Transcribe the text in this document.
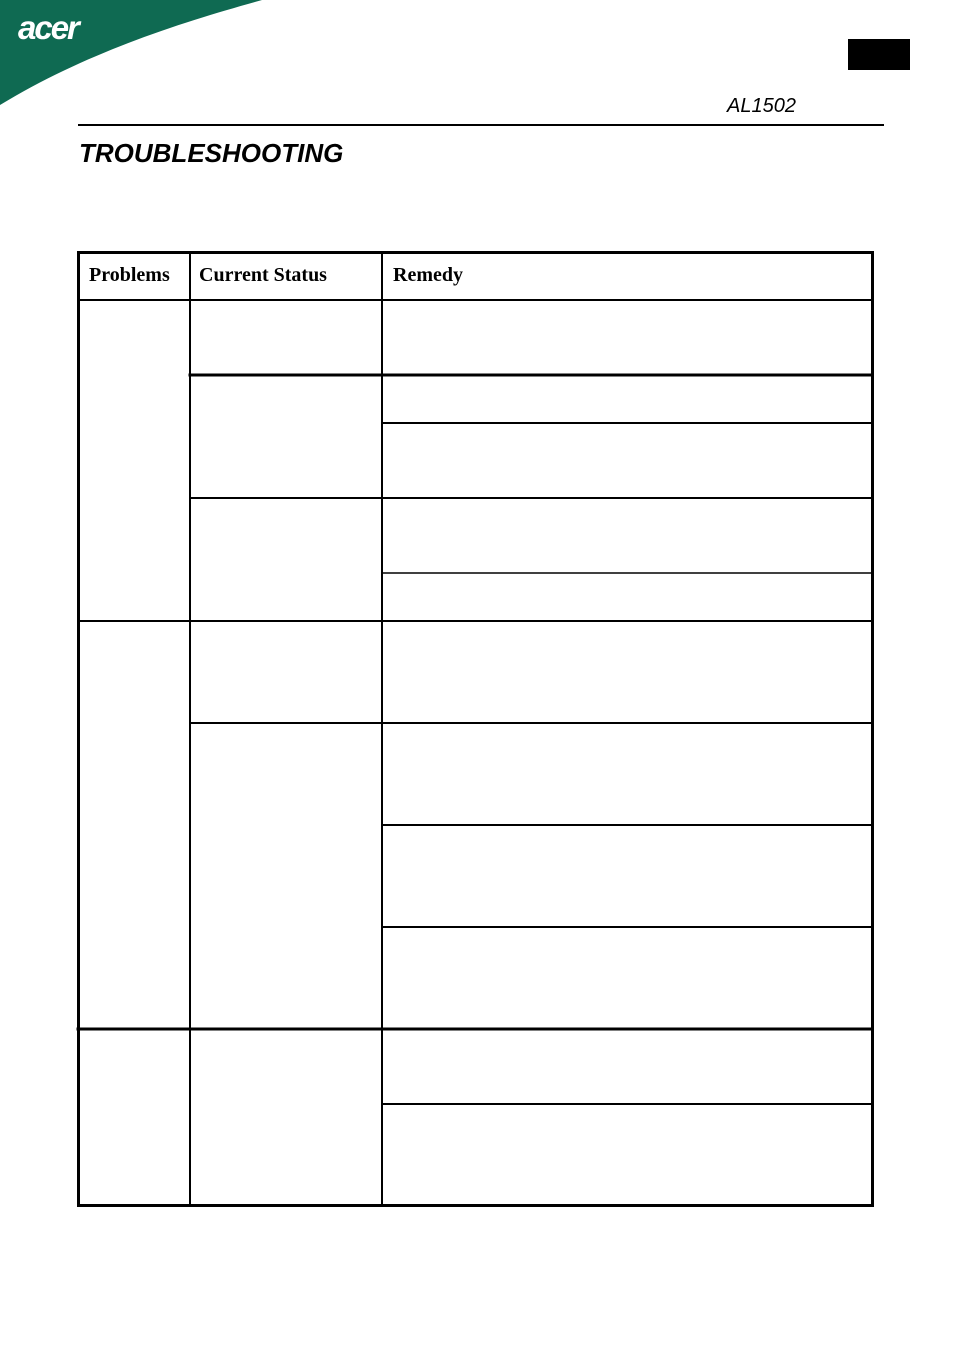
acer
AL1502
TROUBLESHOOTING
Problems Current Status	Remedy
